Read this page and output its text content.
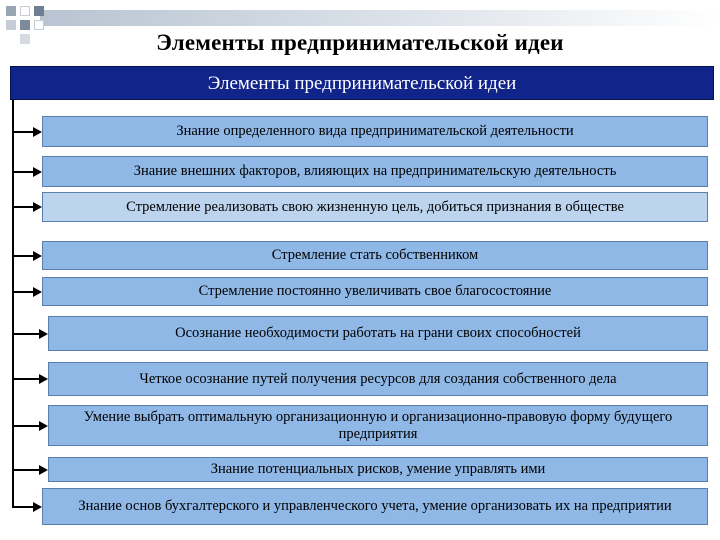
Элементы предпринимательской идеи
Элементы предпринимательской идеи
Знание определенного вида предпринимательской деятельности
Знание внешних факторов, влияющих на предпринимательскую деятельность
Стремление реализовать свою жизненную цель, добиться признания в обществе
Стремление стать собственником
Стремление постоянно увеличивать свое благосостояние
Осознание необходимости работать на грани своих способностей
Четкое осознание путей получения ресурсов для создания собственного дела
Умение выбрать оптимальную организационную и организационно-правовую форму будущего предприятия
Знание потенциальных рисков, умение управлять ими
Знание основ бухгалтерского и управленческого учета, умение организовать их на предприятии
